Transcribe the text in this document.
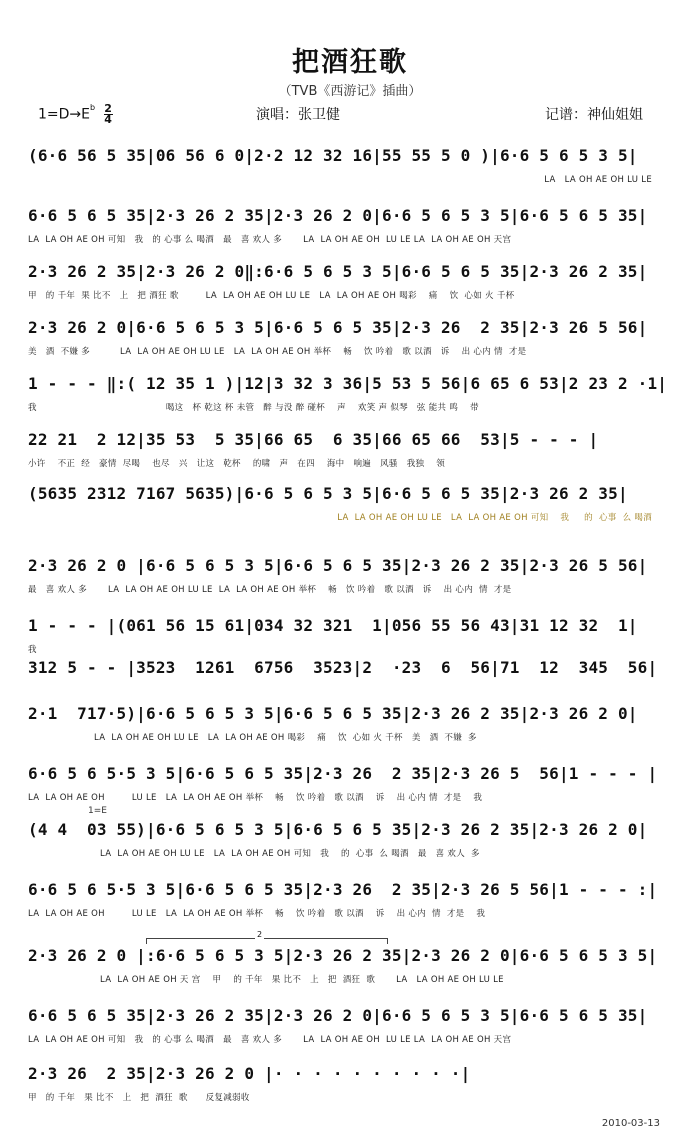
把酒狂歌
（TVB《西游记》插曲）
$1=D\to E^b \frac{2}{4}$	演唱：张卫健	记谱：神仙姐姐
(6·6 56 5 35|06 56 6 0|2·2 12 32 16|55 55 5 0 )|6·6 5 6 5 3 5|
LA   LA OH AE OH LU LE
6·6 5 6 5 35|2·3 26 2 35|2·3 26 2 0|6·6 5 6 5 3 5|6·6 5 6 5 35|
LA  LA OH AE OH 可知   我   的 心事 么 喝酒   最   喜 欢人 多       LA  LA OH AE OH  LU LE LA  LA OH AE OH 天宫
2·3 26 2 35|2·3 26 2 0‖:6·6 5 6 5 3 5|6·6 5 6 5 35|2·3 26 2 35|
甲   的 千年  果 比不   上   把 酒狂 歌         LA  LA OH AE OH LU LE   LA  LA OH AE OH 喝彩    痛    饮  心如 火 千杯
2·3 26 2 0|6·6 5 6 5 3 5|6·6 5 6 5 35|2·3 26  2 35|2·3 26 5 56|
美   酒  不嫌 多          LA  LA OH AE OH LU LE   LA  LA OH AE OH 举杯    畅    饮 吟着   歌 以酒   诉    出 心内 情  才是
1 - - - ‖:( 12 35 1 )|12|3 32 3 36|5 53 5 56|6 65 6 53|2 23 2 ·1|
我                                           喝这   杯 乾这 杯 未管   醉 与没 醉 碰杯    声    欢笑 声 似琴   弦 能共 鸣    带
22 21  2 12|35 53  5 35|66 65  6 35|66 65 66  53|5 - - - |
小许    不正  经   豪情  尽喝    也尽   兴   让这   乾杯    的啸   声   在四    海中   响遍   风骚   我独    领
(5635 2312 7167 5635)|6·6 5 6 5 3 5|6·6 5 6 5 35|2·3 26 2 35|
LA  LA OH AE OH LU LE   LA  LA OH AE OH 可知    我     的  心事  么 喝酒
2·3 26 2 0 |6·6 5 6 5 3 5|6·6 5 6 5 35|2·3 26 2 35|2·3 26 5 56|
最   喜 欢人 多       LA  LA OH AE OH LU LE  LA  LA OH AE OH 举杯    畅   饮 吟着   歌 以酒   诉    出 心内  情  才是
1 - - - |(061 56 15 61|034 32 321  1|056 55 56 43|31 12 32  1|
我
312 5 - - |3523  1261  6756  3523|2  ·23  6  56|71  12  345  56|
2·1  717·5)|6·6 5 6 5 3 5|6·6 5 6 5 35|2·3 26 2 35|2·3 26 2 0|
LA  LA OH AE OH LU LE   LA  LA OH AE OH 喝彩    痛    饮  心如 火 千杯   美   酒  不嫌  多
6·6 5 6 5·5 3 5|6·6 5 6 5 35|2·3 26  2 35|2·3 26 5  56|1 - - - |
LA  LA OH AE OH         LU LE   LA  LA OH AE OH 举杯    畅    饮 吟着   歌 以酒    诉    出 心内 情  才是    我
(4 4  03 55)|6·6 5 6 5 3 5|6·6 5 6 5 35|2·3 26 2 35|2·3 26 2 0|
LA  LA OH AE OH LU LE   LA  LA OH AE OH 可知   我    的  心事  么 喝酒   最   喜 欢人  多
1=E
6·6 5 6 5·5 3 5|6·6 5 6 5 35|2·3 26  2 35|2·3 26 5 56|1 - - - :|
LA  LA OH AE OH         LU LE   LA  LA OH AE OH 举杯    畅    饮 吟着   歌 以酒    诉    出 心内  情  才是    我
2·3 26 2 0 |:6·6 5 6 5 3 5|2·3 26 2 35|2·3 26 2 0|6·6 5 6 5 3 5|
LA  LA OH AE OH 天 宫    甲    的 千年   果 比不   上   把  酒狂  歌       LA   LA OH AE OH LU LE
2
6·6 5 6 5 35|2·3 26 2 35|2·3 26 2 0|6·6 5 6 5 3 5|6·6 5 6 5 35|
LA  LA OH AE OH 可知   我   的 心事 么 喝酒   最   喜 欢人 多       LA  LA OH AE OH  LU LE LA  LA OH AE OH 天宫
2·3 26  2 35|2·3 26 2 0 |· · · · · · · · · ·|
甲   的 千年   果 比不   上   把  酒狂  歌      反复减弱收
2010-03-13
